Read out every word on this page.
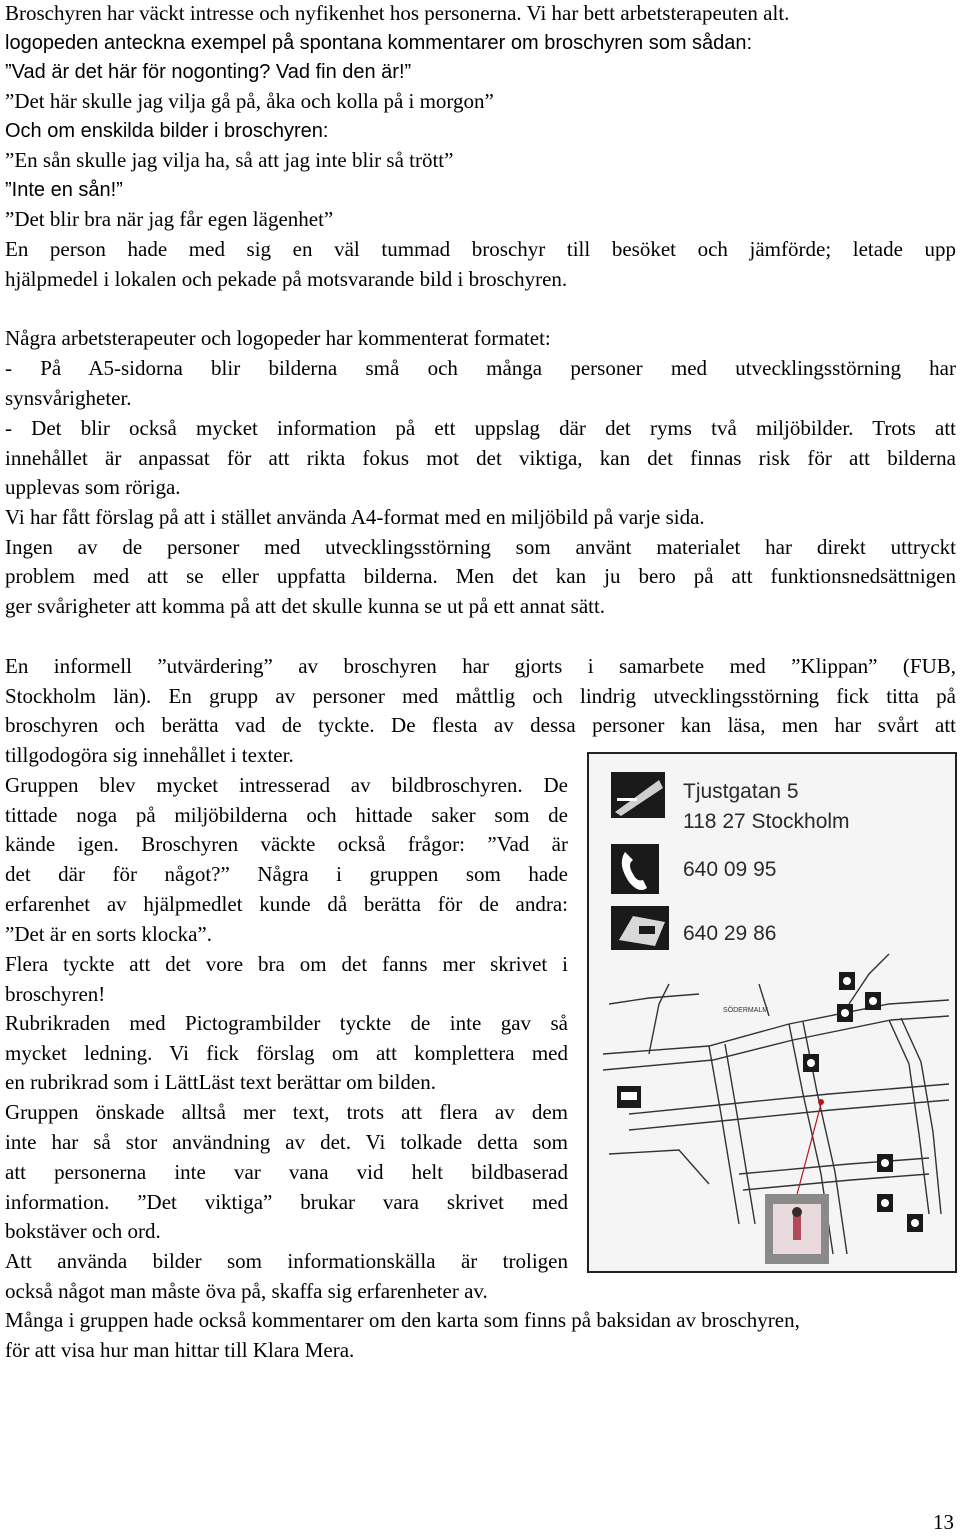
Broschyren har väckt intresse och nyfikenhet hos personerna. Vi har bett arbetsterapeuten alt.
logopeden anteckna exempel på spontana kommentarer om broschyren som sådan:
”Vad är det här för nogonting? Vad fin den är!”
”Det här skulle jag vilja gå på, åka och kolla på i morgon”
Och om enskilda bilder i broschyren:
”En sån skulle jag vilja ha, så att jag inte blir så trött”
”Inte en sån!”
”Det blir bra när jag får egen lägenhet”
En person hade med sig en väl tummad broschyr till besöket och jämförde; letade upp
hjälpmedel i lokalen och pekade på motsvarande bild i broschyren.
Några arbetsterapeuter och logopeder har kommenterat formatet:
- På A5-sidorna blir bilderna små och många personer med utvecklingsstörning har
synsvårigheter.
- Det blir också mycket information på ett uppslag där det ryms två miljöbilder. Trots att
innehållet är anpassat för att rikta fokus mot det viktiga, kan det finnas risk för att bilderna
upplevas som röriga.
Vi har fått förslag på att i stället använda A4-format med en miljöbild på varje sida.
Ingen av de personer med utvecklingsstörning som använt materialet har direkt uttryckt
problem med att se eller uppfatta bilderna. Men det kan ju bero på att funktionsnedsättnigen
ger svårigheter att komma på att det skulle kunna se ut på ett annat sätt.
En informell ”utvärdering” av broschyren har gjorts i samarbete med ”Klippan” (FUB,
Stockholm län). En grupp av personer med måttlig och lindrig utvecklingsstörning fick titta på
broschyren och berätta vad de tyckte. De flesta av dessa personer kan läsa, men har svårt att
tillgodogöra sig innehållet i texter.
Gruppen blev mycket intresserad av bildbroschyren. De
tittade noga på miljöbilderna och hittade saker som de
kände igen. Broschyren väckte också frågor: ”Vad är
det där för något?” Några i gruppen som hade
erfarenhet av hjälpmedlet kunde då berätta för de andra:
”Det är en sorts klocka”.
Flera tyckte att det vore bra om det fanns mer skrivet i
broschyren!
Rubrikraden med Pictogrambilder tyckte de inte gav så
mycket ledning. Vi fick förslag om att komplettera med
en rubrikrad som i LättLäst text berättar om bilden.
Gruppen önskade alltså mer text, trots att flera av dem
inte har så stor användning av det. Vi tolkade detta som
att personerna inte var vana vid helt bildbaserad
information. ”Det viktiga” brukar vara skrivet med
bokstäver och ord.
Att använda bilder som informationskälla är troligen
också något man måste öva på, skaffa sig erfarenheter av.
Många i gruppen hade också kommentarer om den karta som finns på baksidan av broschyren,
för att visa hur man hittar till Klara Mera.
Tjustgatan 5
118 27 Stockholm
640 09 95
640 29 86
SÖDERMALM
13
